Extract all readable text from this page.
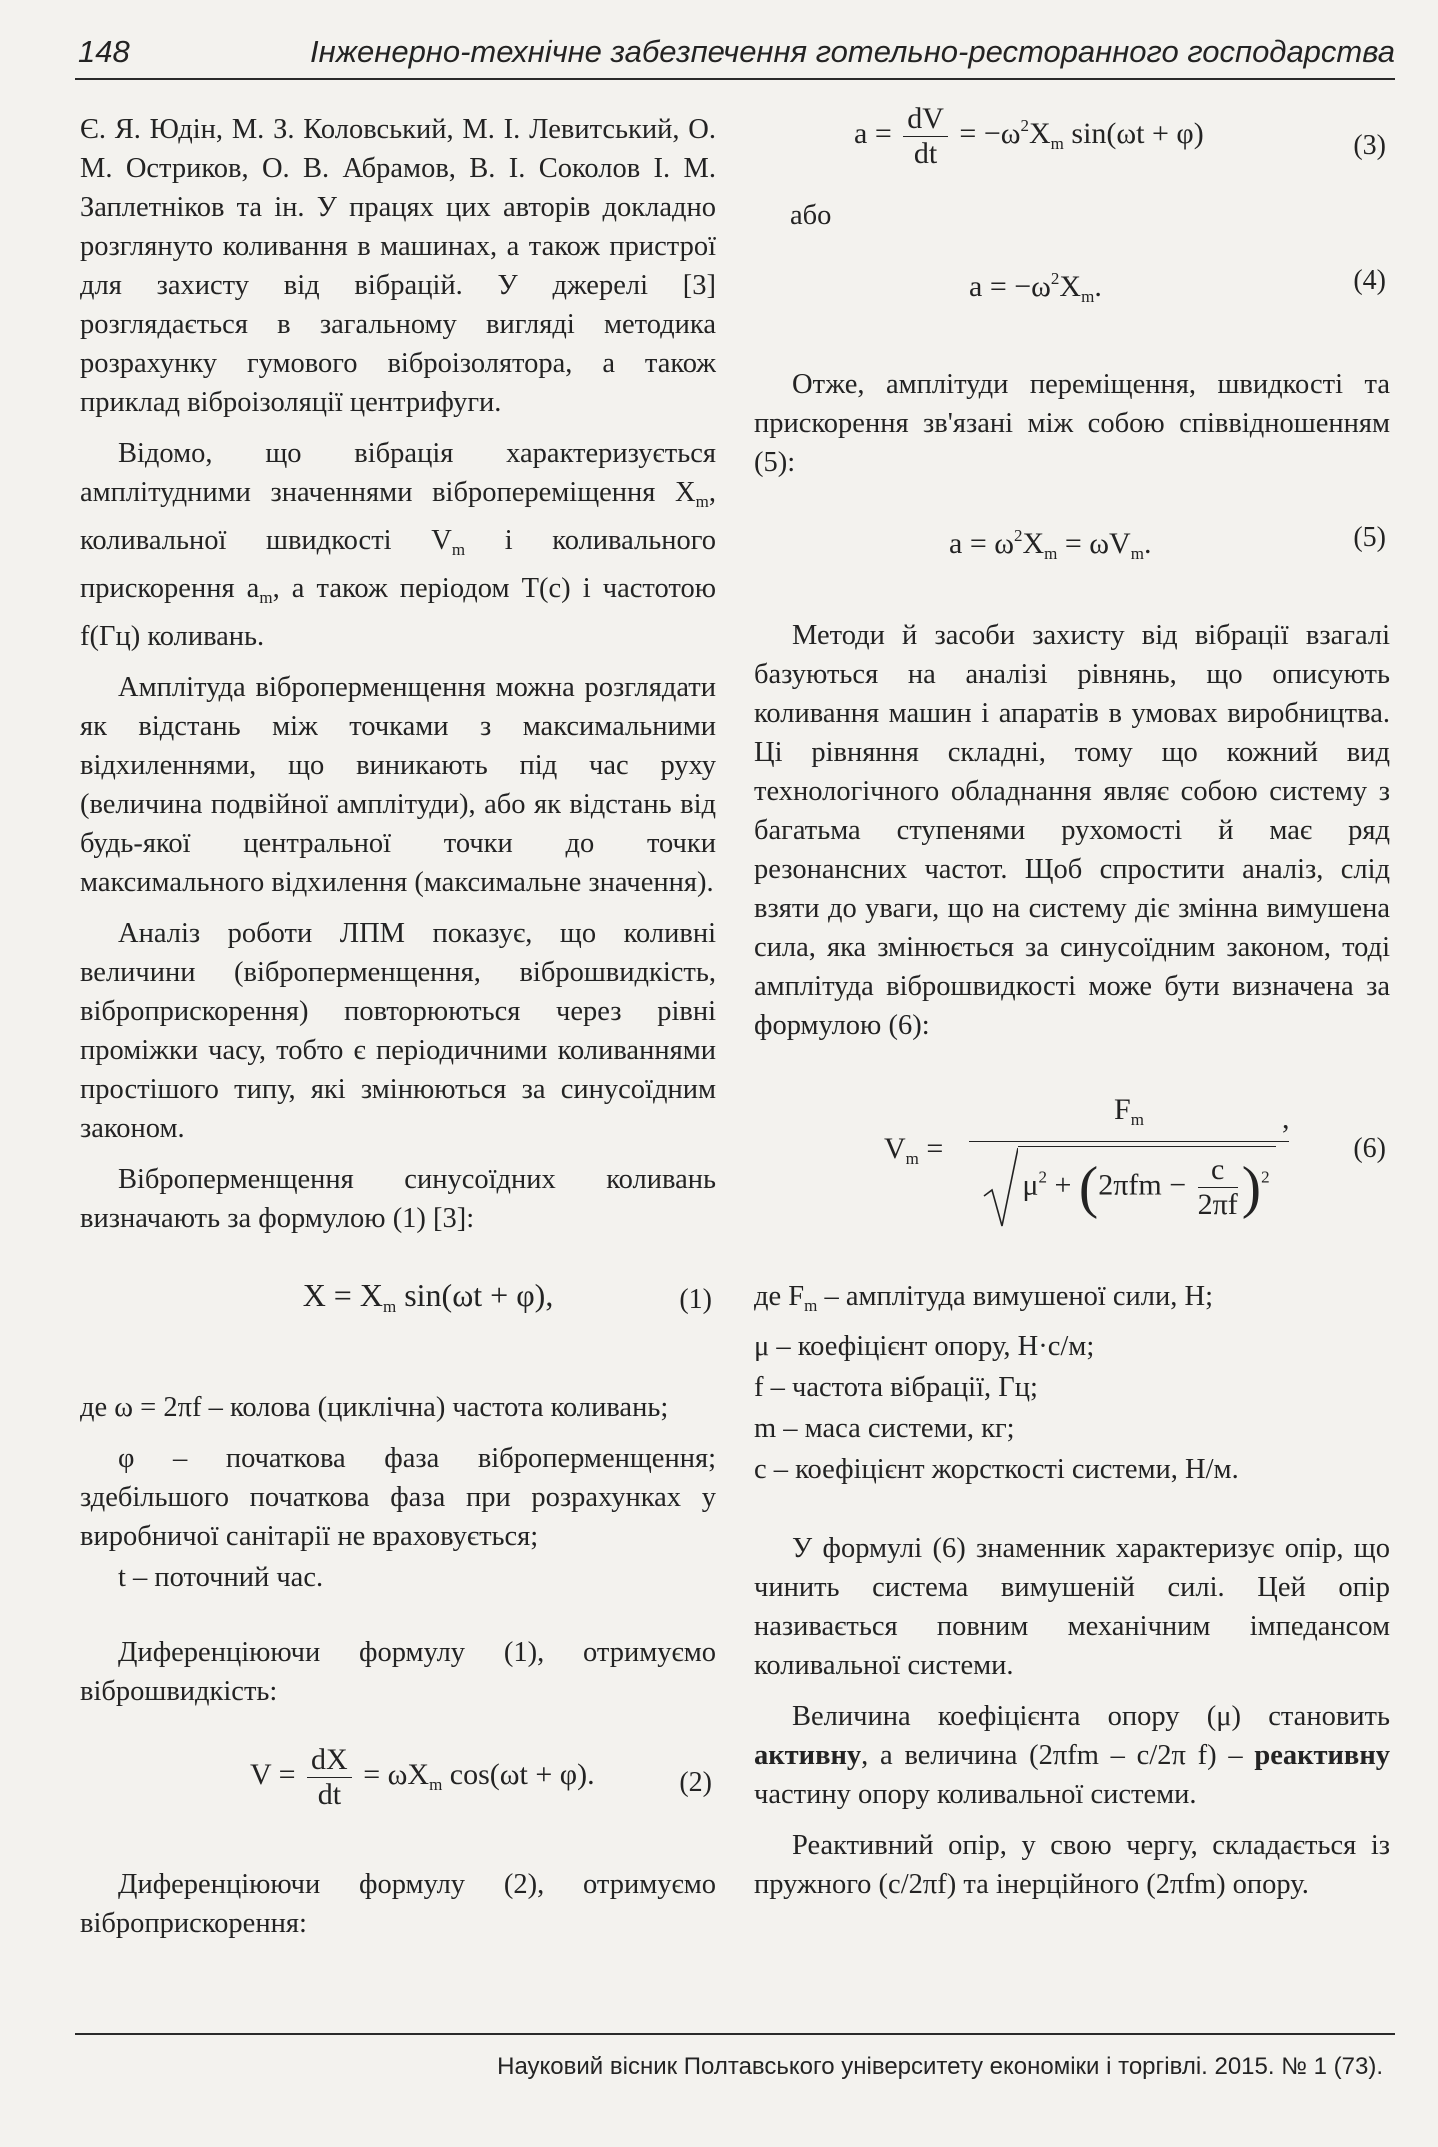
148	Інженерно-технічне забезпечення готельно-ресторанного господарства

Є. Я. Юдін, М. З. Коловський, М. І. Левитський, О. М. Остриков, О. В. Абрамов, В. І. Соколов І. М. Заплетніков та ін. У працях цих авторів докладно розглянуто коливання в машинах, а також пристрої для захисту від вібрацій. У джерелі [3] розглядається в загальному вигляді методика розрахунку гумового віброізолятора, а також приклад віброізоляції центрифуги.

Відомо, що вібрація характеризується амплітудними значеннями вібропереміщення $X_m$, коливальної швидкості $V_m$ і коливального прискорення $a_m$, а також періодом T(с) і частотою f(Гц) коливань.

Амплітуда віброперменщення можна розглядати як відстань між точками з максимальними відхиленнями, що виникають під час руху (величина подвійної амплітуди), або як відстань від будь-якої центральної точки до точки максимального відхилення (максимальне значення).

Аналіз роботи ЛПМ показує, що коливні величини (віброперменщення, віброшвидкість, віброприскорення) повторюються через рівні проміжки часу, тобто є періодичними коливаннями простішого типу, які змінюються за синусоїдним законом.

Віброперменщення синусоїдних коливань визначають за формулою (1) [3]:

$X = X_m$ sin(ωt + φ),	(1)

де ω = 2πf – колова (циклічна) частота коливань;

φ – початкова фаза віброперменщення; здебільшого початкова фаза при розрахунках у виробничої санітарії не враховується;

t – поточний час.

Диференціюючи формулу (1), отримуємо віброшвидкість:

$V = \frac{dX}{dt} = \omega X_m$ cos(ωt + φ).	(2)

Диференціюючи формулу (2), отримуємо віброприскорення:

$a = \frac{dV}{dt} = -\omega^2X_m$ sin(ωt + φ)	(3)

або

$a = -\omega^2X_m$.	(4)

Отже, амплітуди переміщення, швидкості та прискорення зв'язані між собою співвідношенням (5):

$a = \omega^2X_m = \omega V_m$.	(5)

Методи й засоби захисту від вібрації взагалі базуються на аналізі рівнянь, що описують коливання машин і апаратів в умовах виробництва. Ці рівняння складні, тому що кожний вид технологічного обладнання являє собою систему з багатьма ступенями рухомості й має ряд резонансних частот. Щоб спростити аналіз, слід взяти до уваги, що на систему діє змінна вимушена сила, яка змінюється за синусоїдним законом, тоді амплітуда віброшвидкості може бути визначена за формулою (6):

$V_m$ =
$F_m$
$\mu^2 + (2\pi fm - \frac{c}{2\pi f} )^2$
,
(6)

де $F_m$ – амплітуда вимушеної сили, Н;

μ – коефіцієнт опору, Н·с/м;

f – частота вібрації, Гц;

m – маса системи, кг;

c – коефіцієнт жорсткості системи, Н/м.

У формулі (6) знаменник характеризує опір, що чинить система вимушеній силі. Цей опір називається повним механічним імпедансом коливальної системи.

Величина коефіцієнта опору (μ) становить активну, а величина (2πfm – c/2π f) – реактивну частину опору коливальної системи.

Реактивний опір, у свою чергу, складається із пружного (c/2πf) та інерційного (2πfm) опору.

Науковий вісник Полтавського університету економіки і торгівлі. 2015. № 1 (73).
